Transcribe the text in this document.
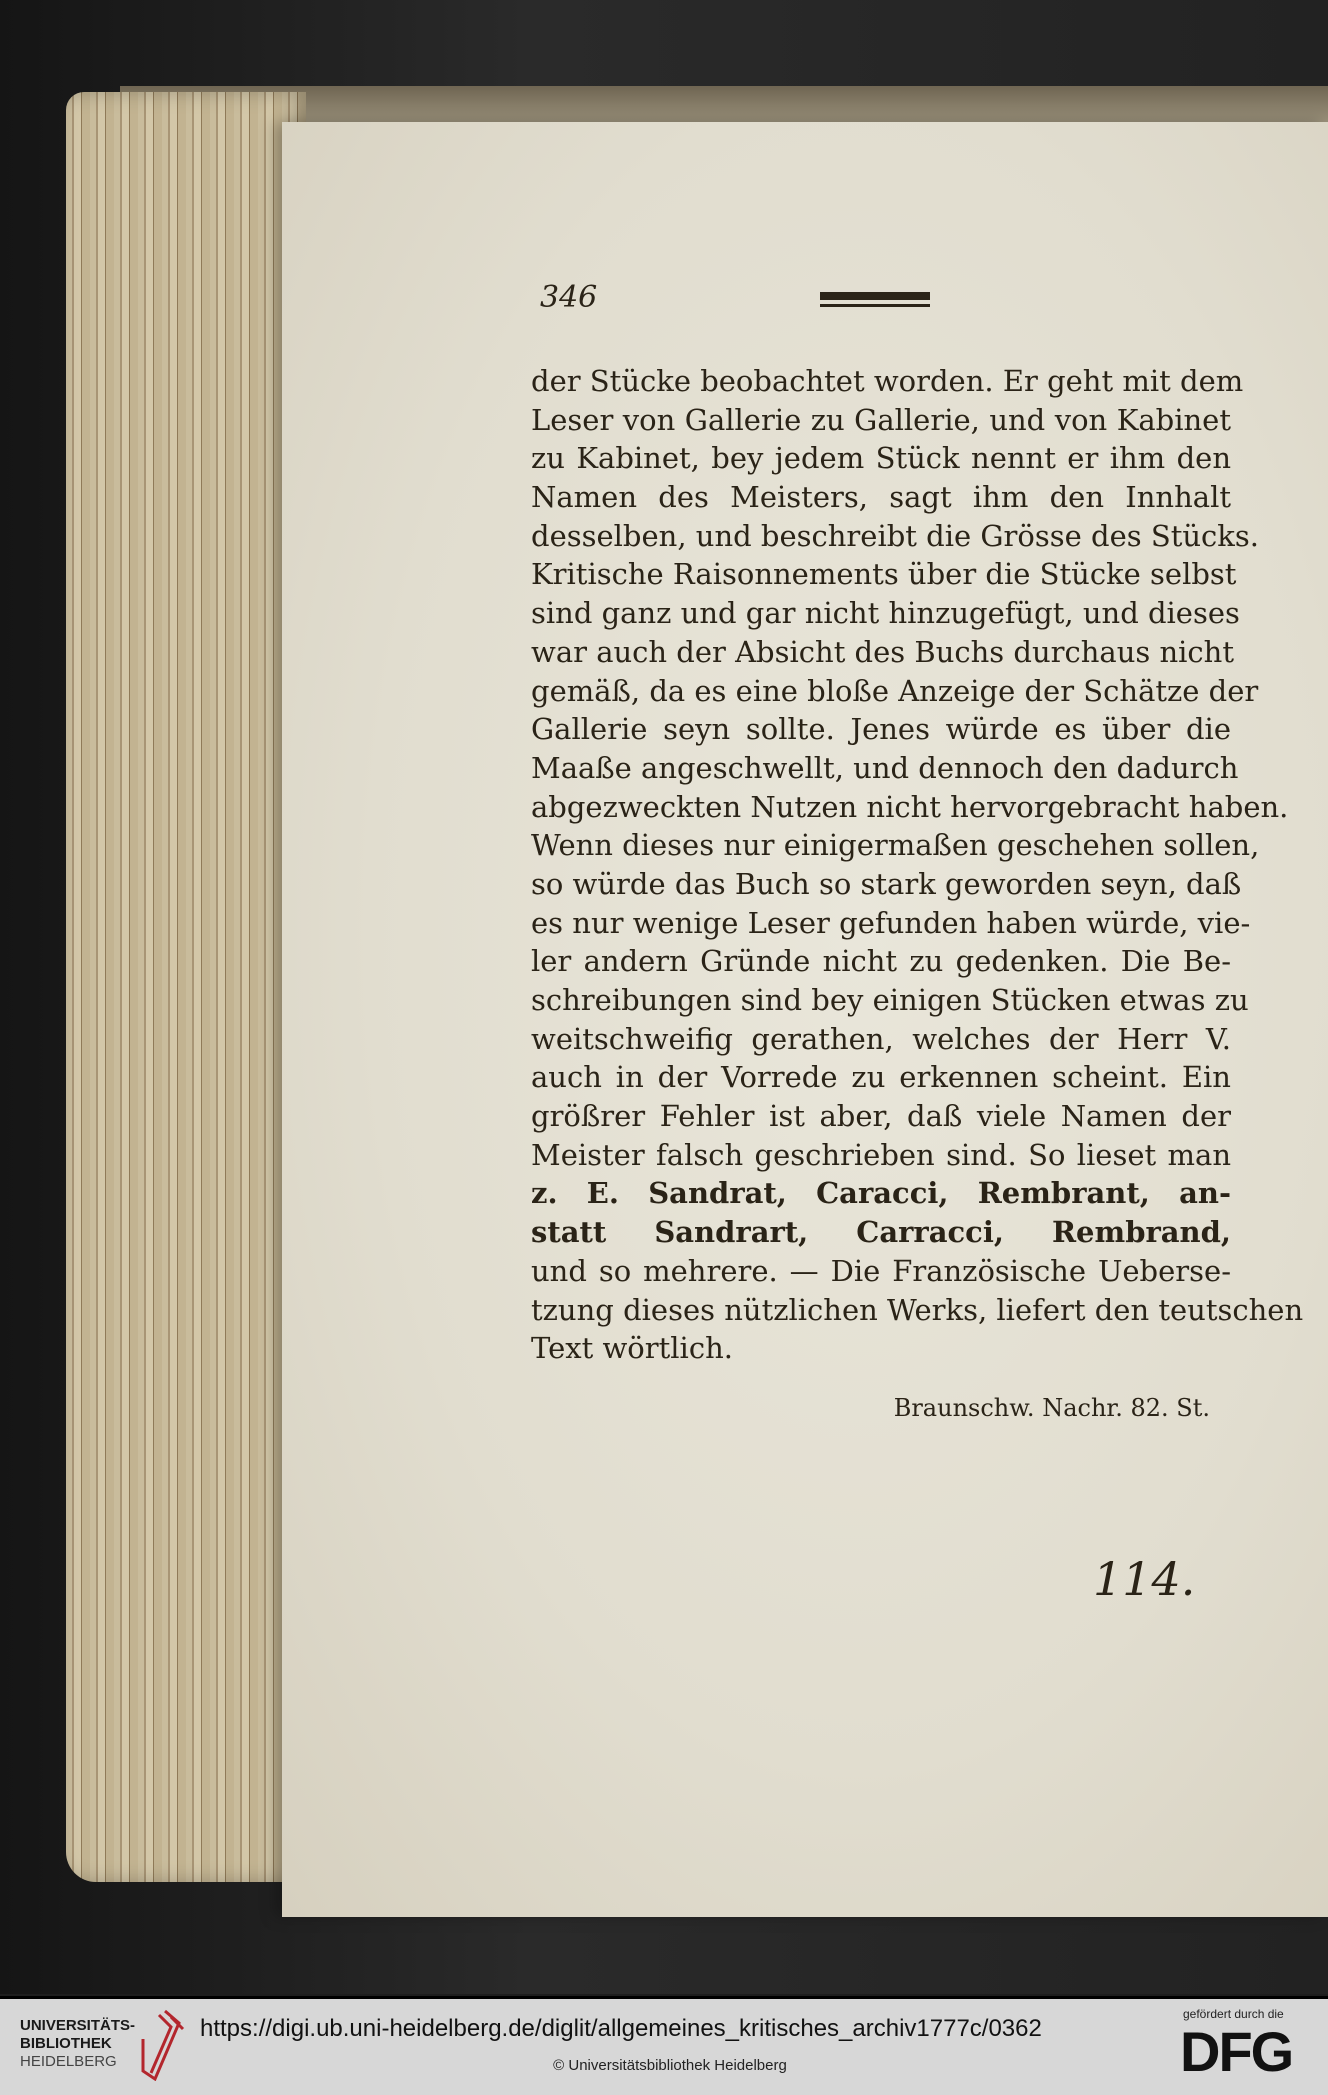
346
der Stücke beobachtet worden. Er geht mit dem
Leser von Gallerie zu Gallerie, und von Kabinet
zu Kabinet, bey jedem Stück nennt er ihm den
Namen des Meisters, sagt ihm den Innhalt
desselben, und beschreibt die Grösse des Stücks.
Kritische Raisonnements über die Stücke selbst
sind ganz und gar nicht hinzugefügt, und dieses
war auch der Absicht des Buchs durchaus nicht
gemäß, da es eine bloße Anzeige der Schätze der
Gallerie seyn sollte. Jenes würde es über die
Maaße angeschwellt, und dennoch den dadurch
abgezweckten Nutzen nicht hervorgebracht haben.
Wenn dieses nur einigermaßen geschehen sollen,
so würde das Buch so stark geworden seyn, daß
es nur wenige Leser gefunden haben würde, vie-
ler andern Gründe nicht zu gedenken. Die Be-
schreibungen sind bey einigen Stücken etwas zu
weitschweifig gerathen, welches der Herr V.
auch in der Vorrede zu erkennen scheint. Ein
größrer Fehler ist aber, daß viele Namen der
Meister falsch geschrieben sind. So lieset man
z. E. Sandrat, Caracci, Rembrant, an-
statt Sandrart, Carracci, Rembrand,
und so mehrere. — Die Französische Ueberse-
tzung dieses nützlichen Werks, liefert den teutschen
Text wörtlich.
Braunschw. Nachr. 82. St.
114.
UNIVERSITÄTS-
BIBLIOTHEK
HEIDELBERG
https://digi.ub.uni-heidelberg.de/diglit/allgemeines_kritisches_archiv1777c/0362
© Universitätsbibliothek Heidelberg
gefördert durch die
DFG
